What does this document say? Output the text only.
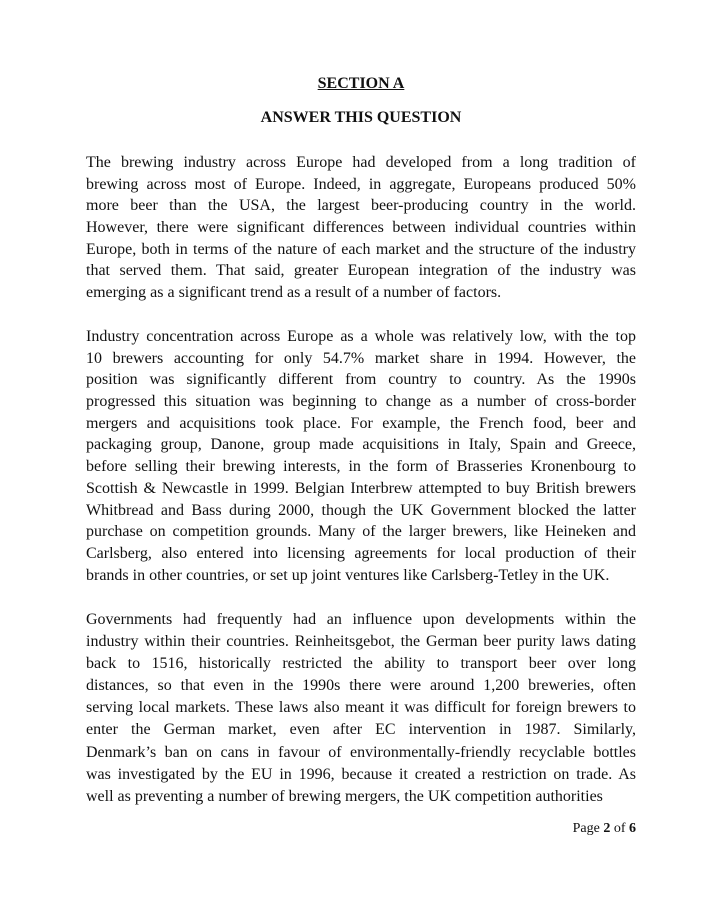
SECTION A
ANSWER THIS QUESTION
The brewing industry across Europe had developed from a long tradition of
brewing across most of Europe. Indeed, in aggregate, Europeans produced 50%
more beer than the USA, the largest beer-producing country in the world.
However, there were significant differences between individual countries within
Europe, both in terms of the nature of each market and the structure of the industry
that served them. That said, greater European integration of the industry was
emerging as a significant trend as a result of a number of factors.
Industry concentration across Europe as a whole was relatively low, with the top
10 brewers accounting for only 54.7% market share in 1994. However, the
position was significantly different from country to country. As the 1990s
progressed this situation was beginning to change as a number of cross-border
mergers and acquisitions took place. For example, the French food, beer and
packaging group, Danone, group made acquisitions in Italy, Spain and Greece,
before selling their brewing interests, in the form of Brasseries Kronenbourg to
Scottish & Newcastle in 1999. Belgian Interbrew attempted to buy British brewers
Whitbread and Bass during 2000, though the UK Government blocked the latter
purchase on competition grounds. Many of the larger brewers, like Heineken and
Carlsberg, also entered into licensing agreements for local production of their
brands in other countries, or set up joint ventures like Carlsberg-Tetley in the UK.
Governments had frequently had an influence upon developments within the
industry within their countries. Reinheitsgebot, the German beer purity laws dating
back to 1516, historically restricted the ability to transport beer over long
distances, so that even in the 1990s there were around 1,200 breweries, often
serving local markets. These laws also meant it was difficult for foreign brewers to
enter the German market, even after EC intervention in 1987. Similarly,
Denmark’s ban on cans in favour of environmentally-friendly recyclable bottles
was investigated by the EU in 1996, because it created a restriction on trade. As
well as preventing a number of brewing mergers, the UK competition authorities
Page 2 of 6
